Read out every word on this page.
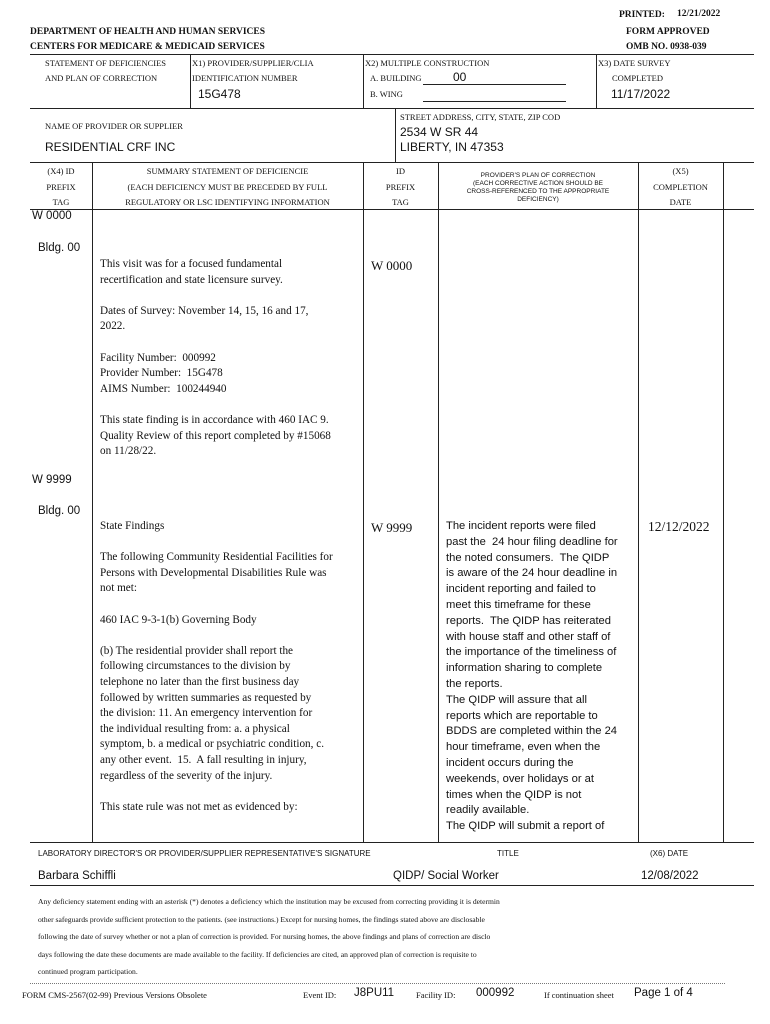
PRINTED: 12/21/2022
DEPARTMENT OF HEALTH AND HUMAN SERVICES
CENTERS FOR MEDICARE & MEDICAID SERVICES
FORM APPROVED
OMB NO. 0938-039
STATEMENT OF DEFICIENCIES
AND PLAN OF CORRECTION
X1) PROVIDER/SUPPLIER/CLIA
IDENTIFICATION NUMBER
15G478
X2) MULTIPLE CONSTRUCTION
A. BUILDING	00
B. WING
X3) DATE SURVEY
COMPLETED
11/17/2022
NAME OF PROVIDER OR SUPPLIER
RESIDENTIAL CRF INC
STREET ADDRESS, CITY, STATE, ZIP COD
2534 W SR 44
LIBERTY, IN 47353
(X4) ID
PREFIX
TAG
SUMMARY STATEMENT OF DEFICIENCIE
(EACH DEFICIENCY MUST BE PRECEDED BY FULL
REGULATORY OR LSC IDENTIFYING INFORMATION
ID
PREFIX
TAG
PROVIDER'S PLAN OF CORRECTION
(EACH CORRECTIVE ACTION SHOULD BE
CROSS-REFERENCED TO THE APPROPRIATE
DEFICIENCY)
(X5)
COMPLETION
DATE
W 0000
Bldg. 00
This visit was for a focused fundamental
recertification and state licensure survey.

Dates of Survey: November 14, 15, 16 and 17,
2022.

Facility Number:  000992
Provider Number:  15G478
AIMS Number:  100244940

This state finding is in accordance with 460 IAC 9.
Quality Review of this report completed by #15068
on 11/28/22.
W 0000
W 9999
Bldg. 00
State Findings

The following Community Residential Facilities for
Persons with Developmental Disabilities Rule was
not met:

460 IAC 9-3-1(b) Governing Body

(b) The residential provider shall report the
following circumstances to the division by
telephone no later than the first business day
followed by written summaries as requested by
the division: 11. An emergency intervention for
the individual resulting from: a. a physical
symptom, b. a medical or psychiatric condition, c.
any other event.  15.  A fall resulting in injury,
regardless of the severity of the injury.

This state rule was not met as evidenced by:
W 9999	The incident reports were filed
past the  24 hour filing deadline for
the noted consumers.  The QIDP
is aware of the 24 hour deadline in
incident reporting and failed to
meet this timeframe for these
reports.  The QIDP has reiterated
with house staff and other staff of
the importance of the timeliness of
information sharing to complete
the reports.
The QIDP will assure that all
reports which are reportable to
BDDS are completed within the 24
hour timeframe, even when the
incident occurs during the
weekends, over holidays or at
times when the QIDP is not
readily available.
The QIDP will submit a report of
12/12/2022
LABORATORY DIRECTOR'S OR PROVIDER/SUPPLIER REPRESENTATIVE'S SIGNATURE	TITLE	(X6) DATE
Barbara Schiffli	QIDP/ Social Worker	12/08/2022
Any deficiency statement ending with an asterisk (*) denotes a deficiency which the institution may be excused from correcting providing it is determin
other safeguards provide sufficient protection to the patients. (see instructions.) Except for nursing homes, the findings stated above are disclosable
following the date of survey whether or not a plan of correction is provided. For nursing homes, the above findings and plans of correction are disclo
days following the date these documents are made available to the facility. If deficiencies are cited, an approved plan of correction is requisite to
continued program participation.
FORM CMS-2567(02-99) Previous Versions Obsolete	Event ID: J8PU11	Facility ID: 000992	If continuation sheet Page 1 of 4
